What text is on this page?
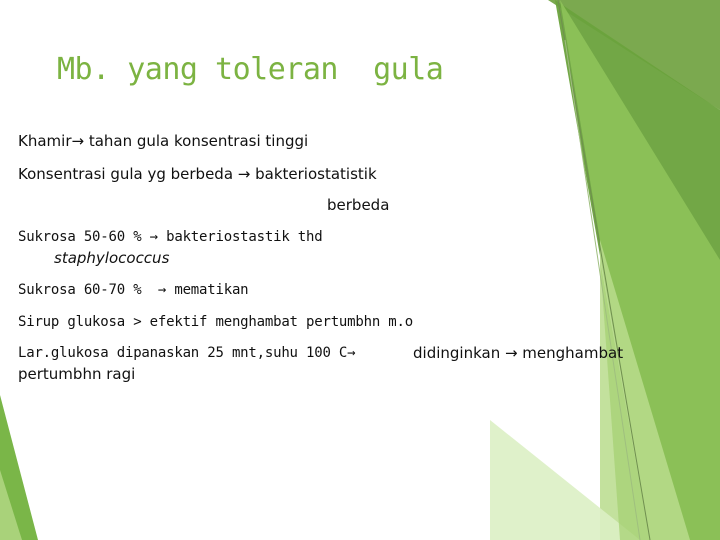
Mb. yang toleran  gula
Khamir→ tahan gula konsentrasi tinggi
Konsentrasi gula yg berbeda → bakteriostatistik
berbeda
Sukrosa 50-60 % → bakteriostastik thd
staphylococcus
Sukrosa 60-70 %  → mematikan
Sirup glukosa > efektif menghambat pertumbhn m.o
Lar.glukosa dipanaskan 25 mnt,suhu 100 C→	didinginkan → menghambat
pertumbhn ragi
